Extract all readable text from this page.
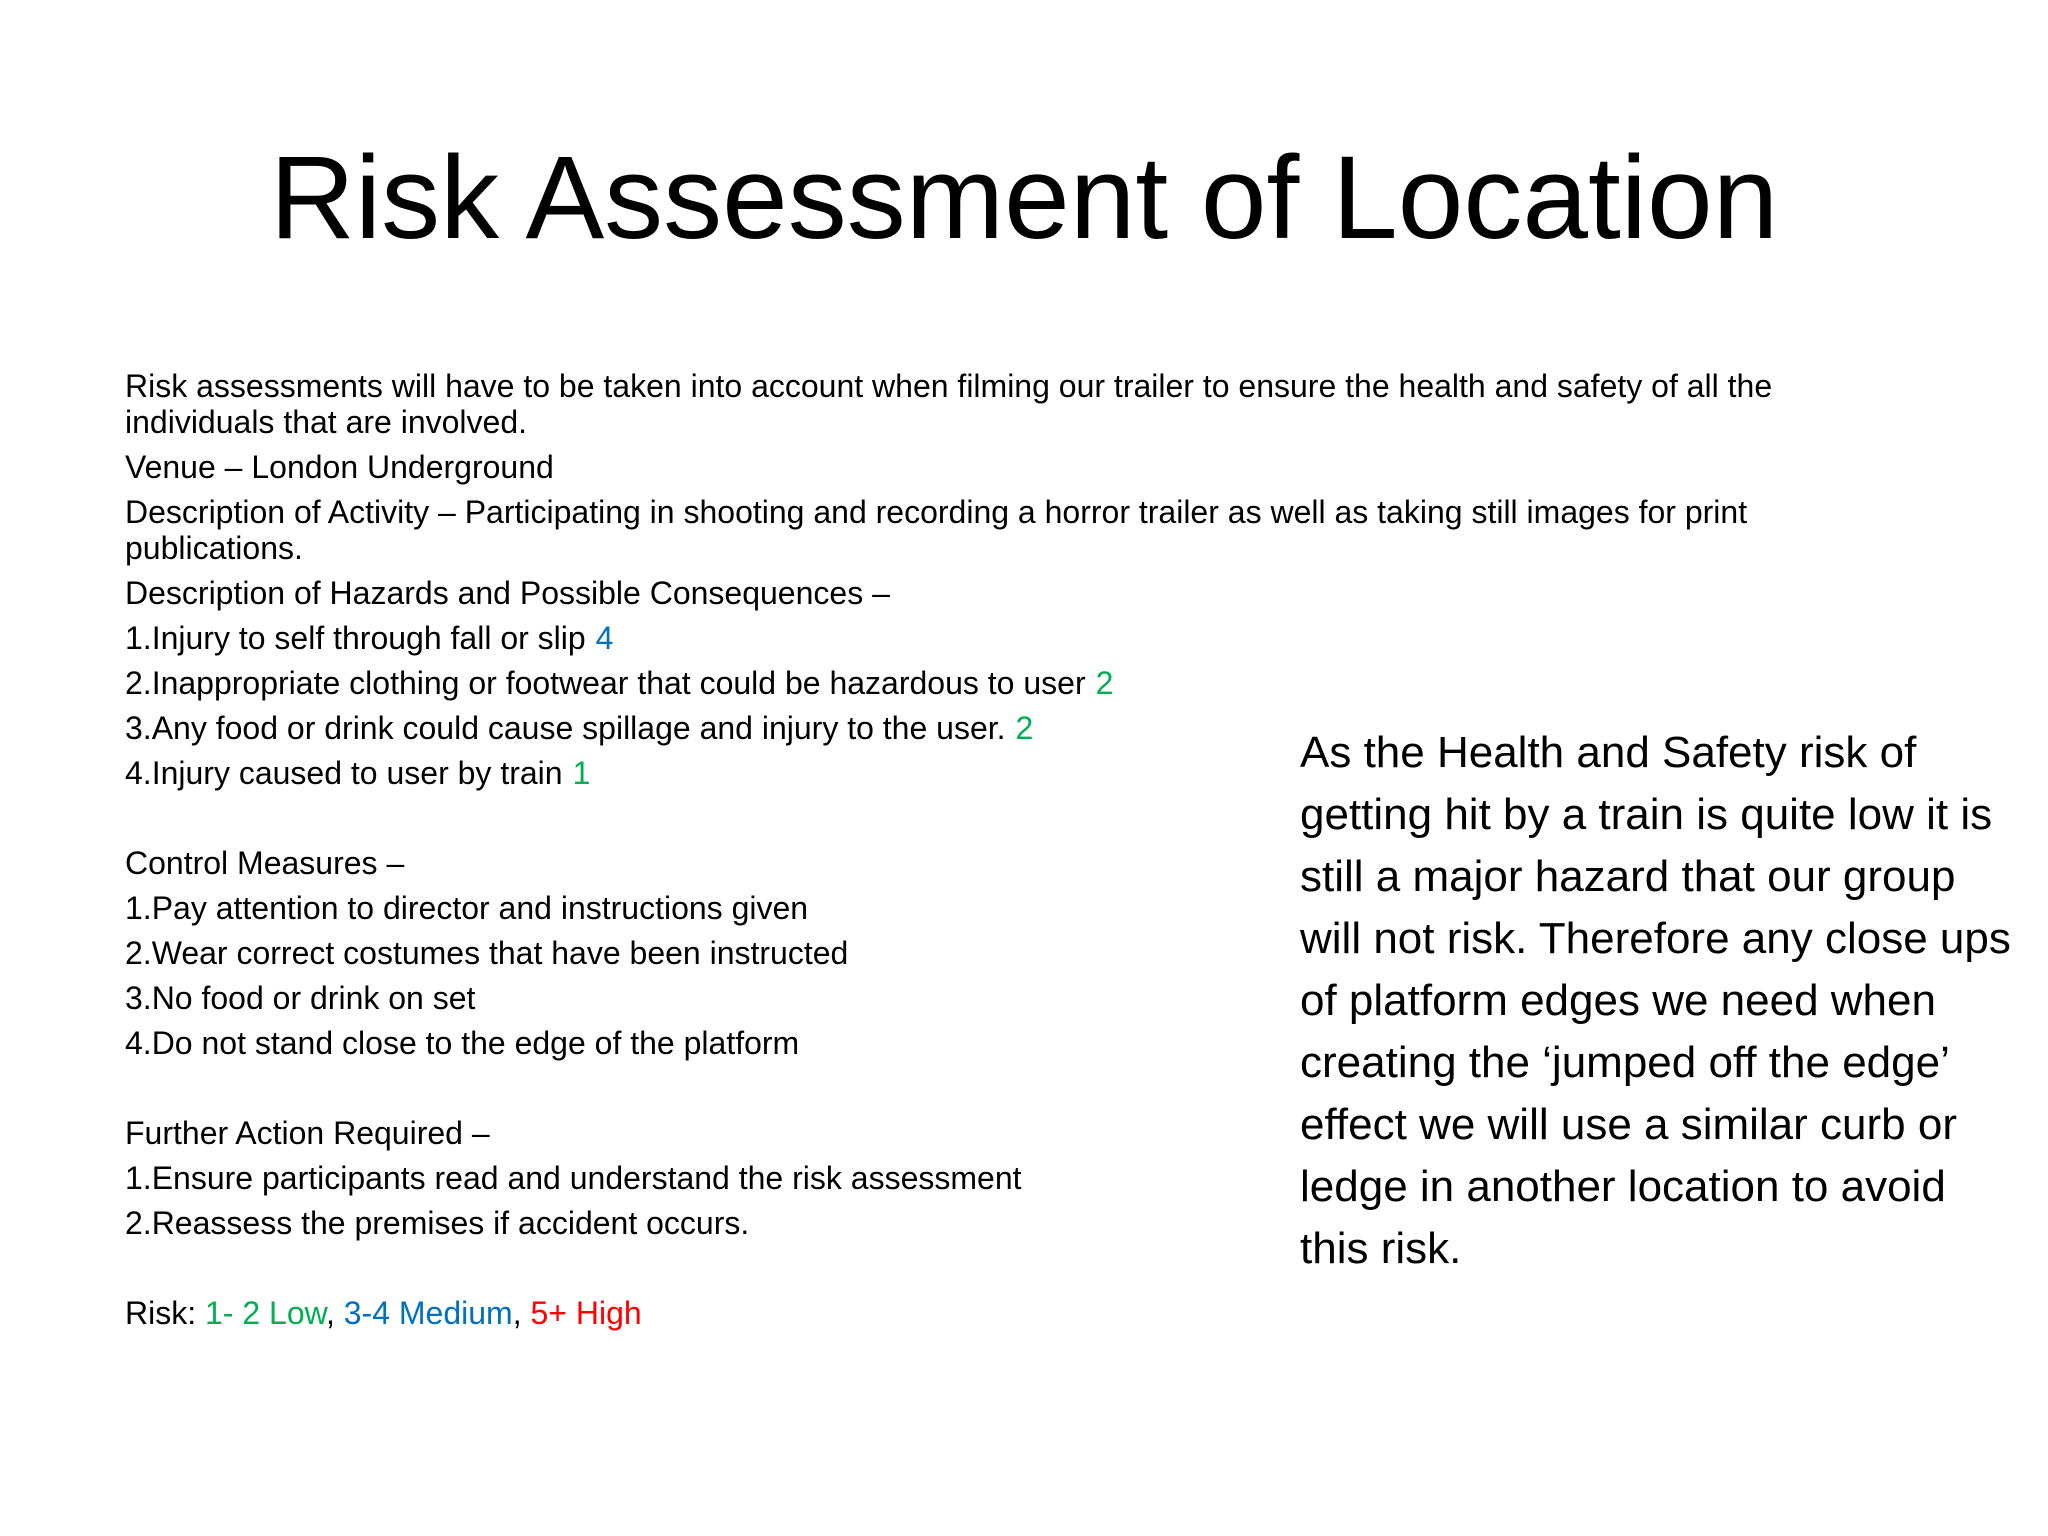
Risk Assessment of Location

Risk assessments will have to be taken into account when filming our trailer to ensure the health and safety of all the individuals that are involved.

Venue – London Underground

Description of Activity – Participating in shooting and recording a horror trailer as well as taking still images for print publications.

Description of Hazards and Possible Consequences –

1.Injury to self through fall or slip 4
2.Inappropriate clothing or footwear that could be hazardous to user 2
3.Any food or drink could cause spillage and injury to the user. 2
4.Injury caused to user by train 1

Control Measures –

1.Pay attention to director and instructions given
2.Wear correct costumes that have been instructed
3.No food or drink on set
4.Do not stand close to the edge of the platform

Further Action Required –

1.Ensure participants read and understand the risk assessment
2.Reassess the premises if accident occurs.

Risk: 1- 2 Low, 3-4 Medium, 5+ High

As the Health and Safety risk of getting hit by a train is quite low it is still a major hazard that our group will not risk. Therefore any close ups of platform edges we need when creating the ‘jumped off the edge’ effect we will use a similar curb or ledge in another location to avoid this risk.
